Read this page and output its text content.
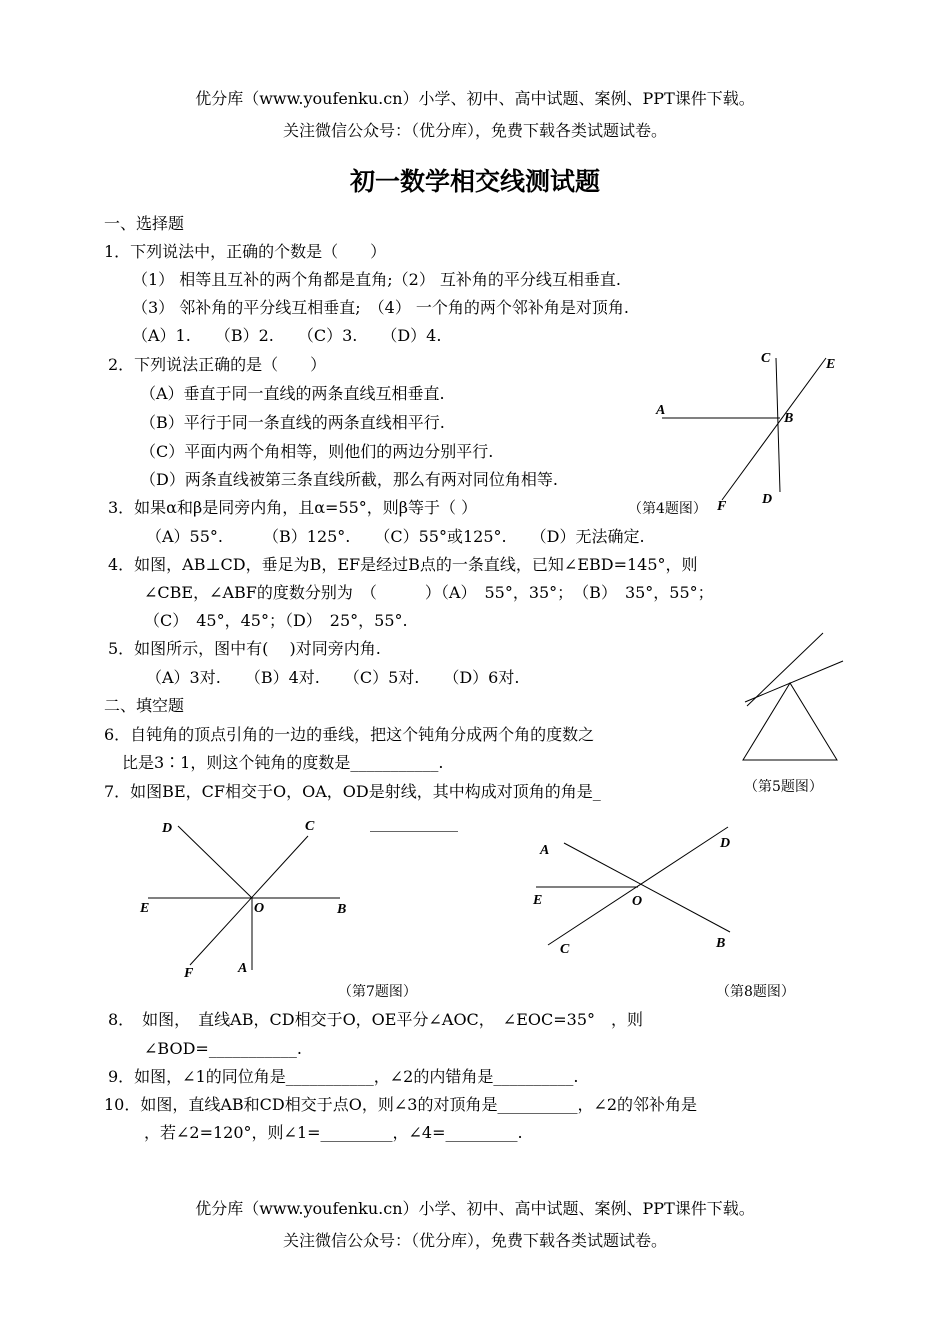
优分库（www.youfenku.cn）小学、初中、高中试题、案例、PPT课件下载。
关注微信公众号：（优分库），免费下载各类试题试卷。
初一数学相交线测试题
一、选择题
1．下列说法中，正确的个数是（　　）
（1） 相等且互补的两个角都是直角;（2） 互补角的平分线互相垂直.
（3） 邻补角的平分线互相垂直;　（4） 一个角的两个邻补角是对顶角.
（A）1.　　（B）2.　　（C）3.　　（D）4.
2．下列说法正确的是（　　）
（A）垂直于同一直线的两条直线互相垂直.
（B）平行于同一条直线的两条直线相平行.
（C）平面内两个角相等，则他们的两边分别平行.
（D）两条直线被第三条直线所截，那么有两对同位角相等.
C	E
A
B
D
F
3．如果α和β是同旁内角，且α=55°，则β等于（ ）	（第4题图）
（A）55°.　　　（B）125°.　　（C）55°或125°.　　（D）无法确定.
4．如图，AB⊥CD，垂足为B，EF是经过B点的一条直线，已知∠EBD=145°，则
∠CBE，∠ABF的度数分别为　（　　　）（A）　55°，35°；　（B）　35°，55°；
（C）　45°，45°；（D）　25°，55°.
5．如图所示，图中有(　 )对同旁内角.
（A）3对.　　（B）4对.　　（C）5对.　　（D）6对.
（第5题图）
二、填空题
6．自钝角的顶点引角的一边的垂线，把这个钝角分成两个角的度数之
比是3∶1，则这个钝角的度数是___________.
7．如图BE，CF相交于O，OA，OD是射线，其中构成对顶角的角是_
___________
D	C
E	O	B
F	A
（第7题图）
A	D
E	O
C	B
（第8题图）
8．　如图，　直线AB，CD相交于O，OE平分∠AOC，　∠EOC=35°　，则
∠BOD=___________.
9．如图，∠1的同位角是___________，∠2的内错角是__________.
10．如图，直线AB和CD相交于点O，则∠3的对顶角是__________，∠2的邻补角是
，若∠2=120°，则∠1=_________，∠4=_________.
优分库（www.youfenku.cn）小学、初中、高中试题、案例、PPT课件下载。
关注微信公众号：（优分库），免费下载各类试题试卷。
